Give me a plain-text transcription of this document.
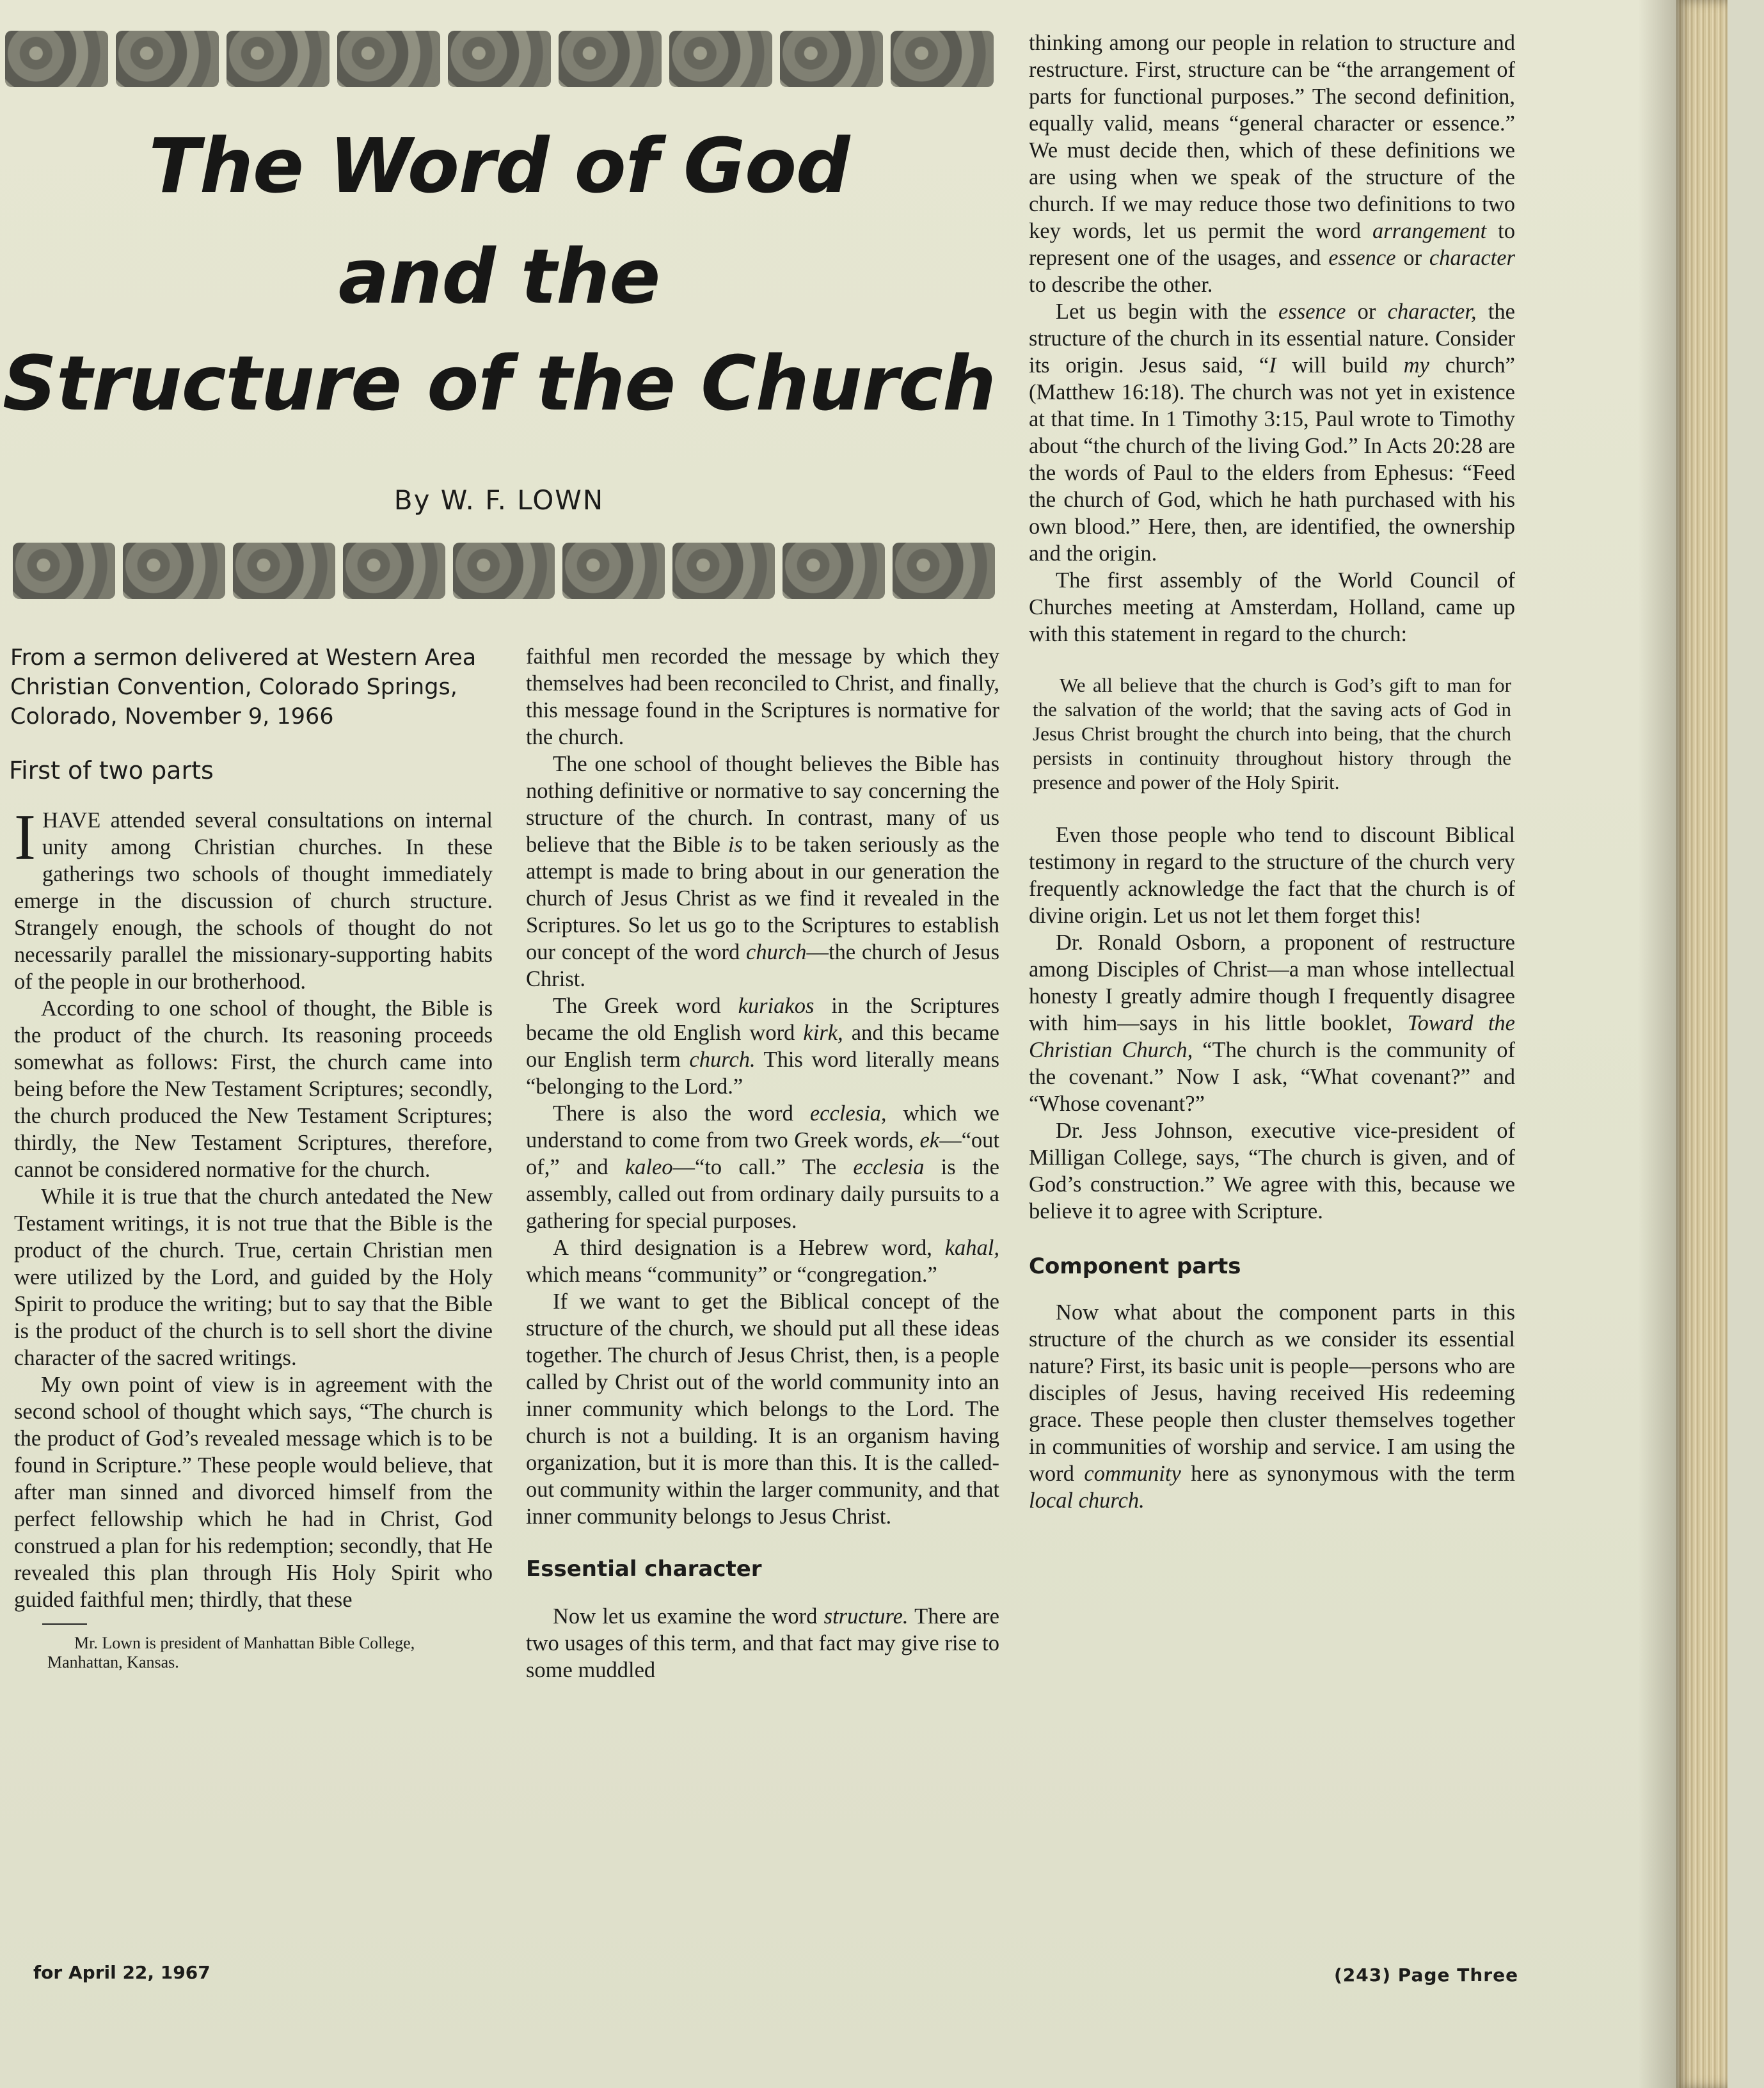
The Word of God
and the
Structure of the Church
By W. F. LOWN

From a sermon delivered at Western Area Christian Convention, Colorado Springs, Colorado, November 9, 1966

First of two parts

IHAVE attended several consultations on internal unity among Christian churches. In these gatherings two schools of thought immediately emerge in the discussion of church structure. Strangely enough, the schools of thought do not necessarily parallel the missionary-supporting habits of the people in our brotherhood.

According to one school of thought, the Bible is the product of the church. Its reasoning proceeds somewhat as follows: First, the church came into being before the New Testament Scriptures; secondly, the church produced the New Testament Scriptures; thirdly, the New Testament Scriptures, therefore, cannot be considered normative for the church.

While it is true that the church antedated the New Testament writings, it is not true that the Bible is the product of the church. True, certain Christian men were utilized by the Lord, and guided by the Holy Spirit to produce the writing; but to say that the Bible is the product of the church is to sell short the divine character of the sacred writings.

My own point of view is in agreement with the second school of thought which says, “The church is the product of God’s revealed message which is to be found in Scripture.” These people would believe, that after man sinned and divorced himself from the perfect fellowship which he had in Christ, God construed a plan for his redemption; secondly, that He revealed this plan through His Holy Spirit who guided faithful men; thirdly, that these

Mr. Lown is president of Manhattan Bible College, Manhattan, Kansas.

faithful men recorded the message by which they themselves had been reconciled to Christ, and finally, this message found in the Scriptures is normative for the church.

The one school of thought believes the Bible has nothing definitive or normative to say concerning the structure of the church. In contrast, many of us believe that the Bible is to be taken seriously as the attempt is made to bring about in our generation the church of Jesus Christ as we find it revealed in the Scriptures. So let us go to the Scriptures to establish our concept of the word church—the church of Jesus Christ.

The Greek word kuriakos in the Scriptures became the old English word kirk, and this became our English term church. This word literally means “belonging to the Lord.”

There is also the word ecclesia, which we understand to come from two Greek words, ek—“out of,” and kaleo—“to call.” The ecclesia is the assembly, called out from ordinary daily pursuits to a gathering for special purposes.

A third designation is a Hebrew word, kahal, which means “community” or “congregation.”

If we want to get the Biblical concept of the structure of the church, we should put all these ideas together. The church of Jesus Christ, then, is a people called by Christ out of the world community into an inner community which belongs to the Lord. The church is not a building. It is an organism having organization, but it is more than this. It is the called-out community within the larger community, and that inner community belongs to Jesus Christ.

Essential character

Now let us examine the word structure. There are two usages of this term, and that fact may give rise to some muddled

thinking among our people in relation to structure and restructure. First, structure can be “the arrangement of parts for functional purposes.” The second definition, equally valid, means “general character or essence.” We must decide then, which of these definitions we are using when we speak of the structure of the church. If we may reduce those two definitions to two key words, let us permit the word arrangement to represent one of the usages, and essence or character to describe the other.

Let us begin with the essence or character, the structure of the church in its essential nature. Consider its origin. Jesus said, “I will build my church” (Matthew 16:18). The church was not yet in existence at that time. In 1 Timothy 3:15, Paul wrote to Timothy about “the church of the living God.” In Acts 20:28 are the words of Paul to the elders from Ephesus: “Feed the church of God, which he hath purchased with his own blood.” Here, then, are identified, the ownership and the origin.

The first assembly of the World Council of Churches meeting at Amsterdam, Holland, came up with this statement in regard to the church:

We all believe that the church is God’s gift to man for the salvation of the world; that the saving acts of God in Jesus Christ brought the church into being, that the church persists in continuity throughout history through the presence and power of the Holy Spirit.

Even those people who tend to discount Biblical testimony in regard to the structure of the church very frequently acknowledge the fact that the church is of divine origin. Let us not let them forget this!

Dr. Ronald Osborn, a proponent of restructure among Disciples of Christ—a man whose intellectual honesty I greatly admire though I frequently disagree with him—says in his little booklet, Toward the Christian Church, “The church is the community of the covenant.” Now I ask, “What covenant?” and “Whose covenant?”

Dr. Jess Johnson, executive vice-president of Milligan College, says, “The church is given, and of God’s construction.” We agree with this, because we believe it to agree with Scripture.

Component parts

Now what about the component parts in this structure of the church as we consider its essential nature? First, its basic unit is people—persons who are disciples of Jesus, having received His redeeming grace. These people then cluster themselves together in communities of worship and service. I am using the word community here as synonymous with the term local church.

for April 22, 1967	(243) Page Three
